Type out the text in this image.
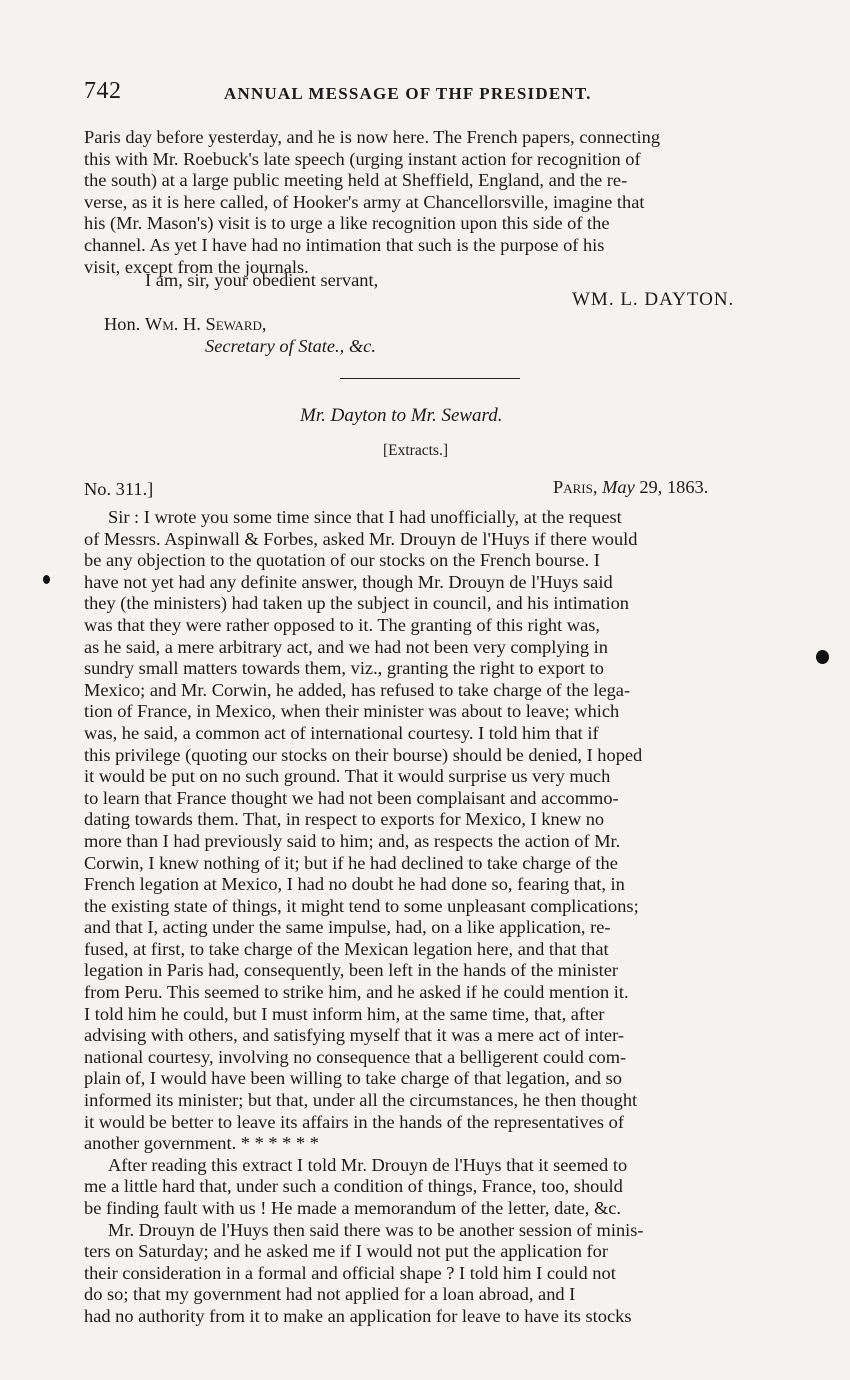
742	ANNUAL MESSAGE OF THF PRESIDENT.
Paris day before yesterday, and he is now here. The French papers, connecting
this with Mr. Roebuck's late speech (urging instant action for recognition of
the south) at a large public meeting held at Sheffield, England, and the re-
verse, as it is here called, of Hooker's army at Chancellorsville, imagine that
his (Mr. Mason's) visit is to urge a like recognition upon this side of the
channel. As yet I have had no intimation that such is the purpose of his
visit, except from the journals.
I am, sir, your obedient servant,
WM. L. DAYTON.
Hon. Wm. H. Seward,
Secretary of State., &c.
Mr. Dayton to Mr. Seward.
[Extracts.]
No. 311.]	Paris, May 29, 1863.
Sir : I wrote you some time since that I had unofficially, at the request
of Messrs. Aspinwall & Forbes, asked Mr. Drouyn de l'Huys if there would
be any objection to the quotation of our stocks on the French bourse. I
have not yet had any definite answer, though Mr. Drouyn de l'Huys said
they (the ministers) had taken up the subject in council, and his intimation
was that they were rather opposed to it. The granting of this right was,
as he said, a mere arbitrary act, and we had not been very complying in
sundry small matters towards them, viz., granting the right to export to
Mexico; and Mr. Corwin, he added, has refused to take charge of the lega-
tion of France, in Mexico, when their minister was about to leave; which
was, he said, a common act of international courtesy. I told him that if
this privilege (quoting our stocks on their bourse) should be denied, I hoped
it would be put on no such ground. That it would surprise us very much
to learn that France thought we had not been complaisant and accommo-
dating towards them. That, in respect to exports for Mexico, I knew no
more than I had previously said to him; and, as respects the action of Mr.
Corwin, I knew nothing of it; but if he had declined to take charge of the
French legation at Mexico, I had no doubt he had done so, fearing that, in
the existing state of things, it might tend to some unpleasant complications;
and that I, acting under the same impulse, had, on a like application, re-
fused, at first, to take charge of the Mexican legation here, and that that
legation in Paris had, consequently, been left in the hands of the minister
from Peru. This seemed to strike him, and he asked if he could mention it.
I told him he could, but I must inform him, at the same time, that, after
advising with others, and satisfying myself that it was a mere act of inter-
national courtesy, involving no consequence that a belligerent could com-
plain of, I would have been willing to take charge of that legation, and so
informed its minister; but that, under all the circumstances, he then thought
it would be better to leave its affairs in the hands of the representatives of
another government. * * * * * *
After reading this extract I told Mr. Drouyn de l'Huys that it seemed to
me a little hard that, under such a condition of things, France, too, should
be finding fault with us ! He made a memorandum of the letter, date, &c.
Mr. Drouyn de l'Huys then said there was to be another session of minis-
ters on Saturday; and he asked me if I would not put the application for
their consideration in a formal and official shape ? I told him I could not
do so; that my government had not applied for a loan abroad, and I
had no authority from it to make an application for leave to have its stocks
